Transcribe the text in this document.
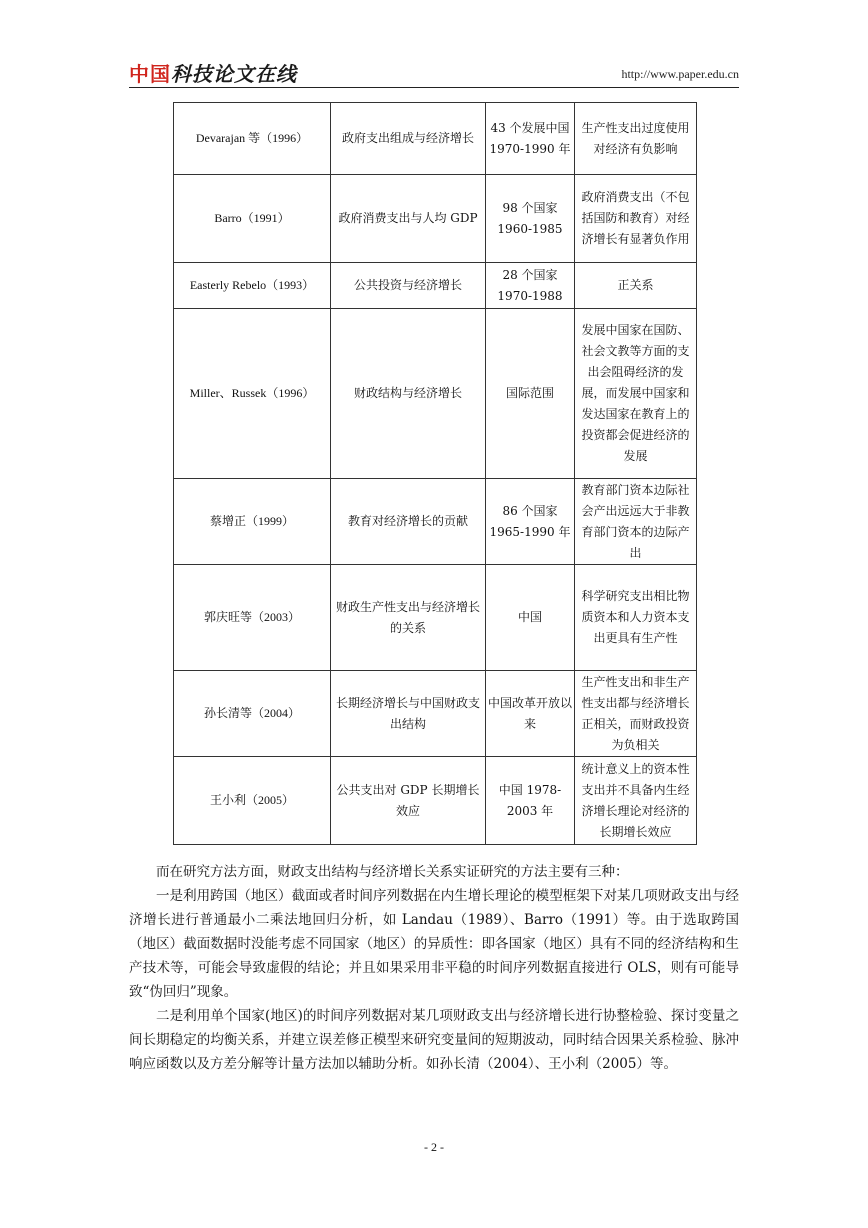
中国科技论文在线	http://www.paper.edu.cn
Devarajan 等（1996）	政府支出组成与经济增长	43 个发展中国 1970-1990 年	生产性支出过度使用对经济有负影响
Barro（1991）	政府消费支出与人均 GDP	98 个国家 1960-1985	政府消费支出（不包括国防和教育）对经济增长有显著负作用
Easterly Rebelo（1993）	公共投资与经济增长	28 个国家 1970-1988	正关系
Miller、Russek（1996）	财政结构与经济增长	国际范围	发展中国家在国防、社会文教等方面的支出会阻碍经济的发展，而发展中国家和发达国家在教育上的投资都会促进经济的发展
蔡增正（1999）	教育对经济增长的贡献	86 个国家 1965-1990 年	教育部门资本边际社会产出远远大于非教育部门资本的边际产出
郭庆旺等（2003）	财政生产性支出与经济增长的关系	中国	科学研究支出相比物质资本和人力资本支出更具有生产性
孙长清等（2004）	长期经济增长与中国财政支出结构	中国改革开放以来	生产性支出和非生产性支出都与经济增长正相关，而财政投资为负相关
王小利（2005）	公共支出对 GDP 长期增长效应	中国 1978-2003 年	统计意义上的资本性支出并不具备内生经济增长理论对经济的长期增长效应

而在研究方法方面，财政支出结构与经济增长关系实证研究的方法主要有三种：

一是利用跨国（地区）截面或者时间序列数据在内生增长理论的模型框架下对某几项财政支出与经济增长进行普通最小二乘法地回归分析，如 Landau（1989）、Barro（1991）等。由于选取跨国（地区）截面数据时没能考虑不同国家（地区）的异质性：即各国家（地区）具有不同的经济结构和生产技术等，可能会导致虚假的结论；并且如果采用非平稳的时间序列数据直接进行 OLS，则有可能导致“伪回归”现象。

二是利用单个国家(地区)的时间序列数据对某几项财政支出与经济增长进行协整检验、探讨变量之间长期稳定的均衡关系，并建立误差修正模型来研究变量间的短期波动，同时结合因果关系检验、脉冲响应函数以及方差分解等计量方法加以辅助分析。如孙长清（2004）、王小利（2005）等。

- 2 -
